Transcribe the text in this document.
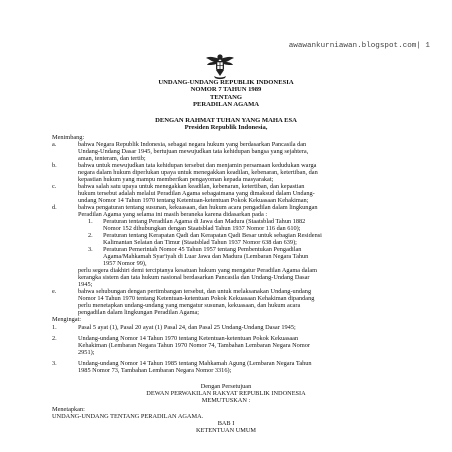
awawankurniawan.blogspot.com| 1
UNDANG-UNDANG REPUBLIK INDONESIA
NOMOR 7 TAHUN 1989
TENTANG
PERADILAN AGAMA
DENGAN RAHMAT TUHAN YANG MAHA ESA
Presiden Republik Indonesia,
Menimbang:
a.	bahwa Negara Republik Indonesia, sebagai negara hukum yang berdasarkan Pancasila dan
Undang-Undang Dasar 1945, bertujuan mewujudkan tata kehidupan bangsa yang sejahtera,
aman, tenteram, dan tertib;
b.	bahwa untuk mewujudkan tata kehidupan tersebut dan menjamin persamaan kedudukan warga
negara dalam hukum diperlukan upaya untuk menegakkan keadilan, kebenaran, ketertiban, dan
kepastian hukum yang mampu memberikan pengayoman kepada masyarakat;
c.	bahwa salah satu upaya untuk menegakkan keadilan, kebenaran, ketertiban, dan kepastian
hukum tersebut adalah melalui Peradilan Agama sebagaimana yang dimaksud dalam Undang-
undang Nomor 14 Tahun 1970 tentang Ketentuan-ketentuan Pokok Kekuasaan Kehakiman;
d.	bahwa pengaturan tentang susunan, kekuasaan, dan hukum acara pengadilan dalam lingkungan
Peradilan Agama yang selama ini masih beraneka karena didasarkan pada :
1. Peraturan tentang Peradilan Agama di Jawa dan Madura (Staatsblad Tahun 1882
Nomor 152 dihubungkan dengan Staatsblad Tahun 1937 Nomor 116 dan 610);
2. Peraturan tentang Kerapatan Qadi dan Kerapatan Qadi Besar untuk sebagian Residensi
Kalimantan Selatan dan Timur (Staatsblad Tahun 1937 Nomor 638 dan 639);
3. Peraturan Pemerintah Nomor 45 Tahun 1957 tentang Pembentukan Pengadilan
Agama/Mahkamah Syar'iyah di Luar Jawa dan Madura (Lembaran Negara Tahun
1957 Nomor 99),
perlu segera diakhiri demi terciptanya kesatuan hukum yang mengatur Peradilan Agama dalam
kerangka sistem dan tata hukum nasional berdasarkan Pancasila dan Undang-Undang Dasar
1945;
e.	bahwa sehubungan dengan pertimbangan tersebut, dan untuk melaksanakan Undang-undang
Nomor 14 Tahun 1970 tentang Ketentuan-ketentuan Pokok Kekuasaan Kehakiman dipandang
perlu menetapkan undang-undang yang mengatur susunan, kekuasaan, dan hukum acara
pengadilan dalam lingkungan Peradilan Agama;
Mengingat:
1.	Pasal 5 ayat (1), Pasal 20 ayat (1) Pasal 24, dan Pasal 25 Undang-Undang Dasar 1945;
2.	Undang-undang Nomor 14 Tahun 1970 tentang Ketentuan-ketentuan Pokok Kekuasaan
Kehakiman (Lembaran Negara Tahun 1970 Nomor 74, Tambahan Lembaran Negara Nomor
2951);
3.	Undang-undang Nomor 14 Tahun 1985 tentang Mahkamah Agung (Lembaran Negara Tahun
1985 Nomor 73, Tambahan Lembaran Negara Nomor 3316);
Dengan Persetujuan
DEWAN PERWAKILAN RAKYAT REPUBLIK INDONESIA
MEMUTUSKAN :
Menetapkan:
UNDANG-UNDANG TENTANG PERADILAN AGAMA.
BAB I
KETENTUAN UMUM
